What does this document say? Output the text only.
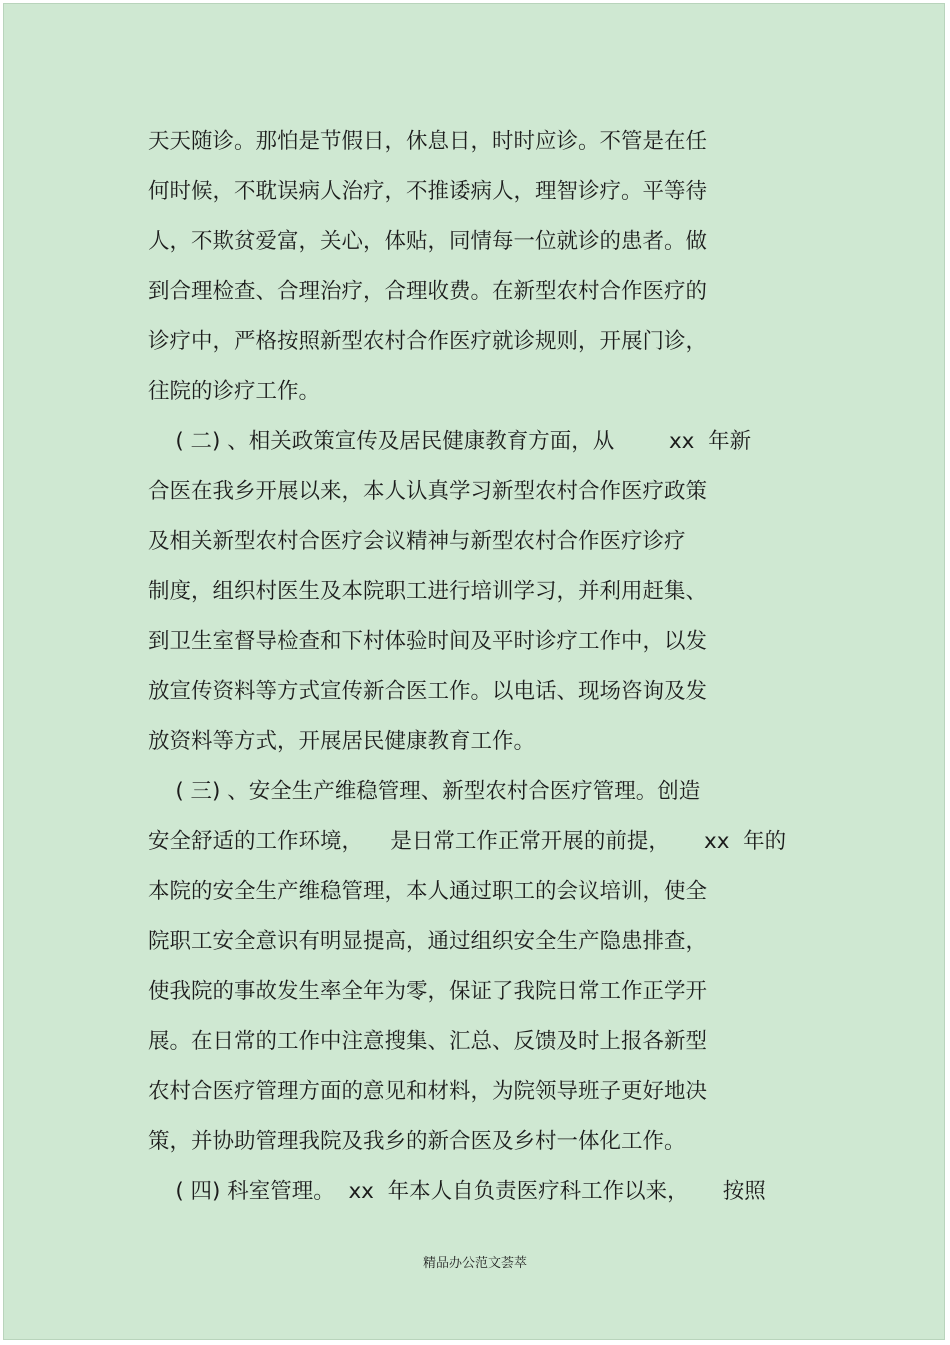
天天随诊。那怕是节假日，休息日，时时应诊。不管是在任
何时候，不耽误病人治疗，不推诿病人，理智诊疗。平等待
人，不欺贫爱富，关心，体贴，同情每一位就诊的患者。做
到合理检查、合理治疗，合理收费。在新型农村合作医疗的
诊疗中，严格按照新型农村合作医疗就诊规则，开展门诊，
往院的诊疗工作。
( 二) 、相关政策宣传及居民健康教育方面，从        xx  年新
合医在我乡开展以来，本人认真学习新型农村合作医疗政策
及相关新型农村合医疗会议精神与新型农村合作医疗诊疗
制度，组织村医生及本院职工进行培训学习，并利用赶集、
到卫生室督导检查和下村体验时间及平时诊疗工作中，以发
放宣传资料等方式宣传新合医工作。以电话、现场咨询及发
放资料等方式，开展居民健康教育工作。
( 三) 、安全生产维稳管理、新型农村合医疗管理。创造
安全舒适的工作环境，    是日常工作正常开展的前提，     xx  年的
本院的安全生产维稳管理，本人通过职工的会议培训，使全
院职工安全意识有明显提高，通过组织安全生产隐患排查，
使我院的事故发生率全年为零，保证了我院日常工作正学开
展。在日常的工作中注意搜集、汇总、反馈及时上报各新型
农村合医疗管理方面的意见和材料，为院领导班子更好地决
策，并协助管理我院及我乡的新合医及乡村一体化工作。
( 四) 科室管理。  xx  年本人自负责医疗科工作以来，     按照
精品办公范文荟萃
